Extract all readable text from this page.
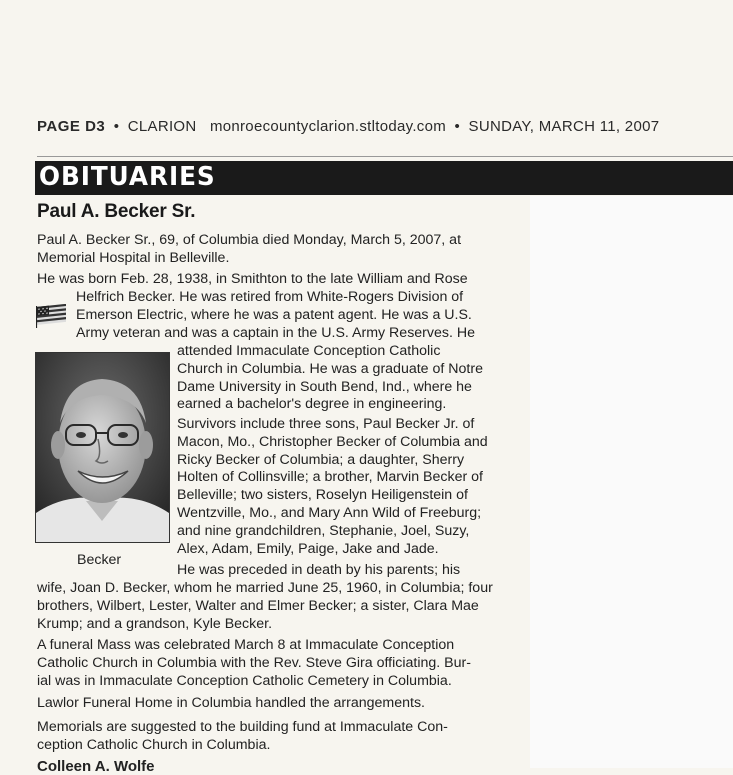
PAGE D3 • CLARION monroecountyclarion.stltoday.com • SUNDAY, MARCH 11, 2007
OBITUARIES
Paul A. Becker Sr.
Paul A. Becker Sr., 69, of Columbia died Monday, March 5, 2007, at
Memorial Hospital in Belleville.
He was born Feb. 28, 1938, in Smithton to the late William and Rose
Helfrich Becker. He was retired from White-Rogers Division of
Emerson Electric, where he was a patent agent. He was a U.S.
Army veteran and was a captain in the U.S. Army Reserves. He
attended Immaculate Conception Catholic
Church in Columbia. He was a graduate of Notre
Dame University in South Bend, Ind., where he
earned a bachelor's degree in engineering.
Survivors include three sons, Paul Becker Jr. of
Macon, Mo., Christopher Becker of Columbia and
Ricky Becker of Columbia; a daughter, Sherry
Holten of Collinsville; a brother, Marvin Becker of
Belleville; two sisters, Roselyn Heiligenstein of
Wentzville, Mo., and Mary Ann Wild of Freeburg;
and nine grandchildren, Stephanie, Joel, Suzy,
Alex, Adam, Emily, Paige, Jake and Jade.
Becker
He was preceded in death by his parents; his
wife, Joan D. Becker, whom he married June 25, 1960, in Columbia; four
brothers, Wilbert, Lester, Walter and Elmer Becker; a sister, Clara Mae
Krump; and a grandson, Kyle Becker.
A funeral Mass was celebrated March 8 at Immaculate Conception
Catholic Church in Columbia with the Rev. Steve Gira officiating. Bur-
ial was in Immaculate Conception Catholic Cemetery in Columbia.
Lawlor Funeral Home in Columbia handled the arrangements.
Memorials are suggested to the building fund at Immaculate Con-
ception Catholic Church in Columbia.
Colleen A. Wolfe
